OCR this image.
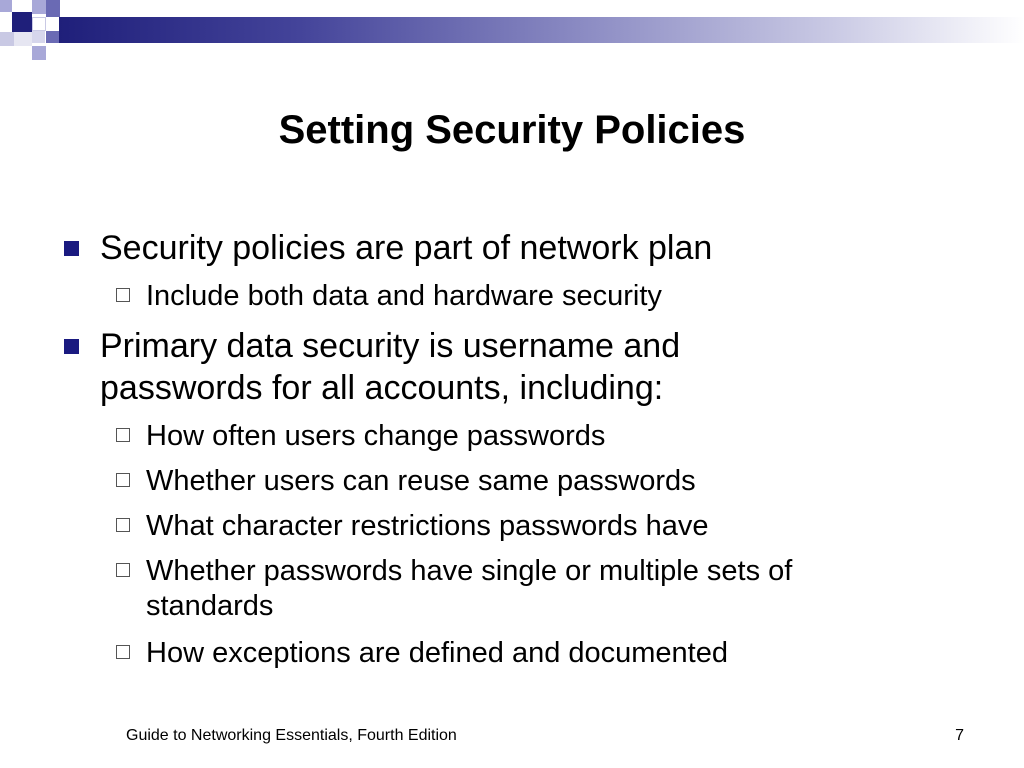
Setting Security Policies
Security policies are part of network plan
Include both data and hardware security
Primary data security is username and passwords for all accounts, including:
How often users change passwords
Whether users can reuse same passwords
What character restrictions passwords have
Whether passwords have single or multiple sets of standards
How exceptions are defined and documented
Guide to Networking Essentials, Fourth Edition	7
